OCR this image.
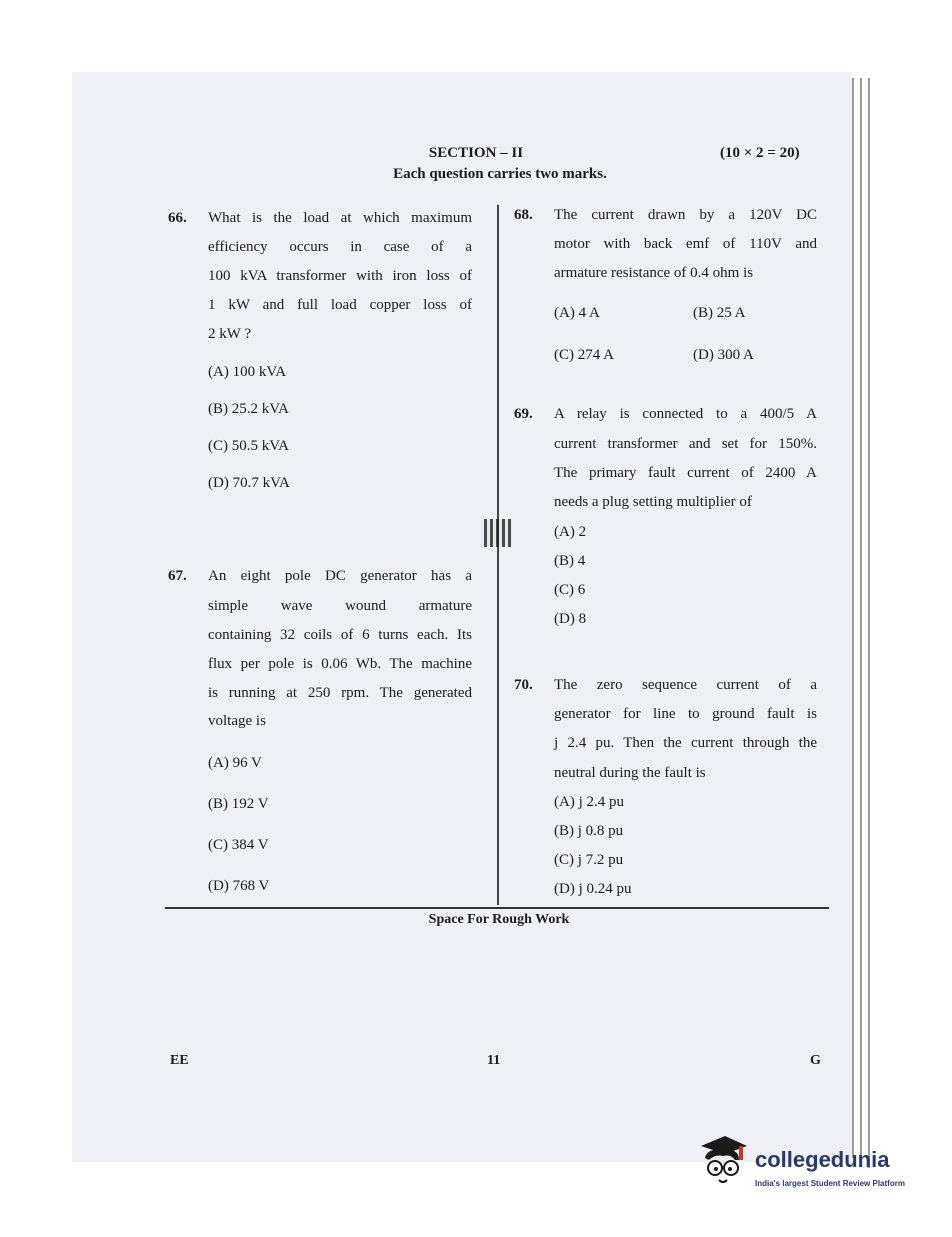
SECTION – II	(10 × 2 = 20)
Each question carries two marks.
66. What is the load at which maximum
efficiency occurs in case of a
100 kVA transformer with iron loss of
1 kW and full load copper loss of
2 kW ?
(A) 100 kVA
(B) 25.2 kVA
(C) 50.5 kVA
(D) 70.7 kVA
67. An eight pole DC generator has a
simple wave wound armature
containing 32 coils of 6 turns each. Its
flux per pole is 0.06 Wb. The machine
is running at 250 rpm. The generated
voltage is
(A) 96 V
(B) 192 V
(C) 384 V
(D) 768 V
68. The current drawn by a 120V DC
motor with back emf of 110V and
armature resistance of 0.4 ohm is
(A) 4 A	(B) 25 A
(C) 274 A	(D) 300 A
69. A relay is connected to a 400/5 A
current transformer and set for 150%.
The primary fault current of 2400 A
needs a plug setting multiplier of
(A) 2
(B) 4
(C) 6
(D) 8
70. The zero sequence current of a
generator for line to ground fault is
j 2.4 pu. Then the current through the
neutral during the fault is
(A) j 2.4 pu
(B) j 0.8 pu
(C) j 7.2 pu
(D) j 0.24 pu
Space For Rough Work
EE	11	G
collegedunia
India's largest Student Review Platform
